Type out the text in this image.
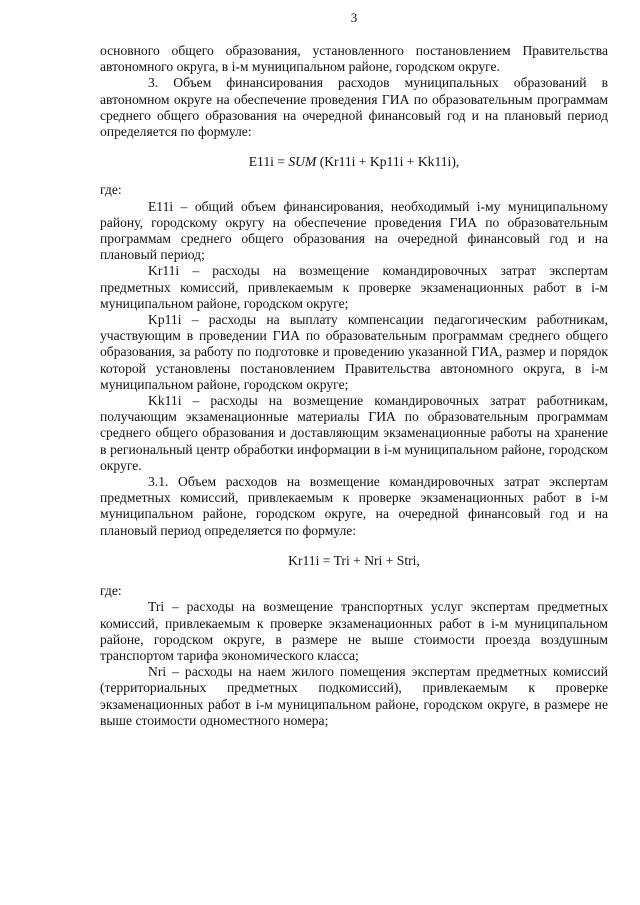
3

основного общего образования, установленного постановлением Правительства автономного округа, в i-м муниципальном районе, городском округе.

3. Объем финансирования расходов муниципальных образований в автономном округе на обеспечение проведения ГИА по образовательным программам среднего общего образования на очередной финансовый год и на плановый период определяется по формуле:

E11i = SUM (Kr11i + Kp11i + Kk11i),

где:

E11i – общий объем финансирования, необходимый i-му муниципальному району, городскому округу на обеспечение проведения ГИА по образовательным программам среднего общего образования на очередной финансовый год и на плановый период;

Kr11i – расходы на возмещение командировочных затрат экспертам предметных комиссий, привлекаемым к проверке экзаменационных работ в i-м муниципальном районе, городском округе;

Kp11i – расходы на выплату компенсации педагогическим работникам, участвующим в проведении ГИА по образовательным программам среднего общего образования, за работу по подготовке и проведению указанной ГИА, размер и порядок которой установлены постановлением Правительства автономного округа, в i-м муниципальном районе, городском округе;

Kk11i – расходы на возмещение командировочных затрат работникам, получающим экзаменационные материалы ГИА по образовательным программам среднего общего образования и доставляющим экзаменационные работы на хранение в региональный центр обработки информации в i-м муниципальном районе, городском округе.

3.1. Объем расходов на возмещение командировочных затрат экспертам предметных комиссий, привлекаемым к проверке экзаменационных работ в i-м муниципальном районе, городском округе, на очередной финансовый год и на плановый период определяется по формуле:

Kr11i = Tri + Nri + Stri,

где:

Tri – расходы на возмещение транспортных услуг экспертам предметных комиссий, привлекаемым к проверке экзаменационных работ в i-м муниципальном районе, городском округе, в размере не выше стоимости проезда воздушным транспортом тарифа экономического класса;

Nri – расходы на наем жилого помещения экспертам предметных комиссий (территориальных предметных подкомиссий), привлекаемым к проверке экзаменационных работ в i-м муниципальном районе, городском округе, в размере не выше стоимости одноместного номера;
